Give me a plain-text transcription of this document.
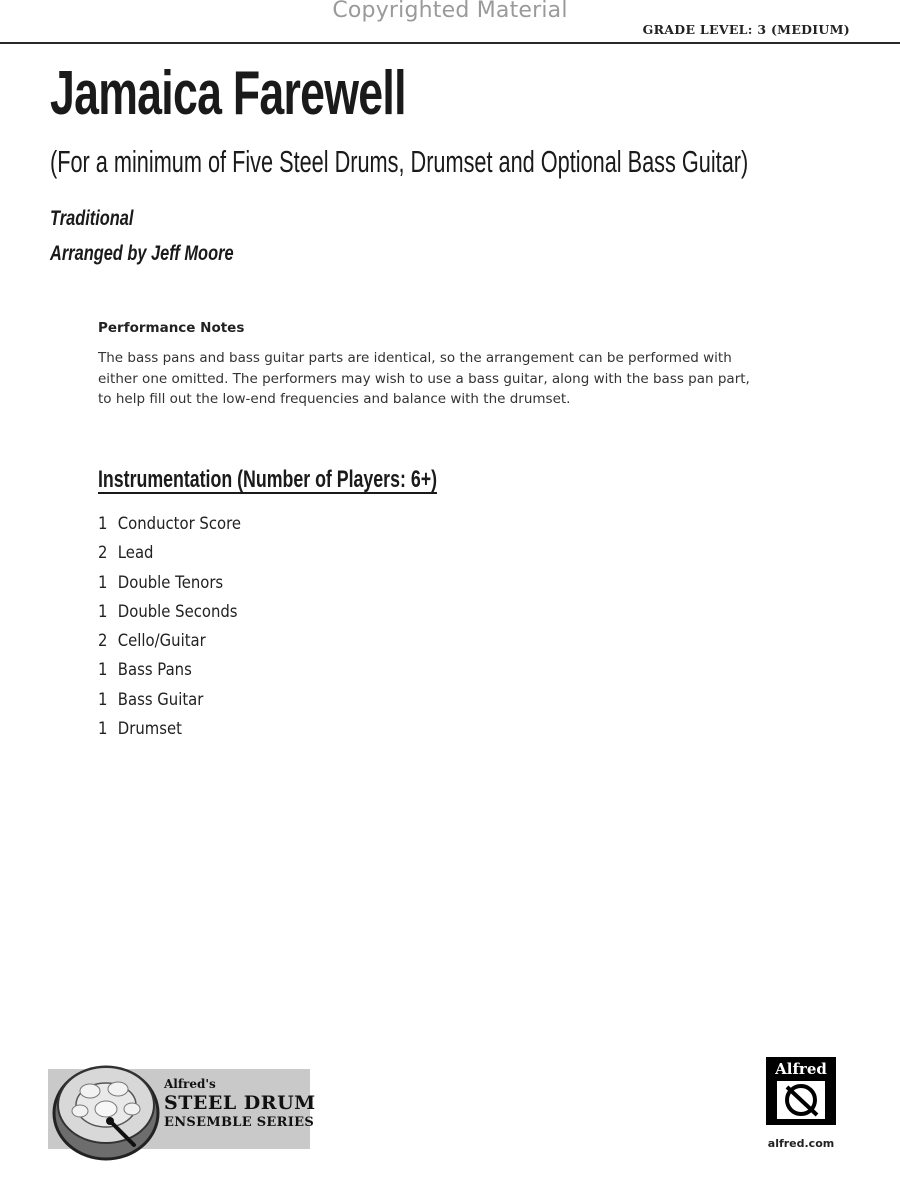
Copyrighted Material
GRADE LEVEL: 3 (MEDIUM)
Jamaica Farewell
(For a minimum of Five Steel Drums, Drumset and Optional Bass Guitar)
Traditional
Arranged by Jeff Moore
Performance Notes
The bass pans and bass guitar parts are identical, so the arrangement can be performed with
either one omitted. The performers may wish to use a bass guitar, along with the bass pan part,
to help fill out the low-end frequencies and balance with the drumset.
Instrumentation (Number of Players: 6+)
1 Conductor Score
2 Lead
1 Double Tenors
1 Double Seconds
2 Cello/Guitar
1 Bass Pans
1 Bass Guitar
1 Drumset
Alfred's
STEEL DRUM
ENSEMBLE SERIES
Alfred
alfred.com
